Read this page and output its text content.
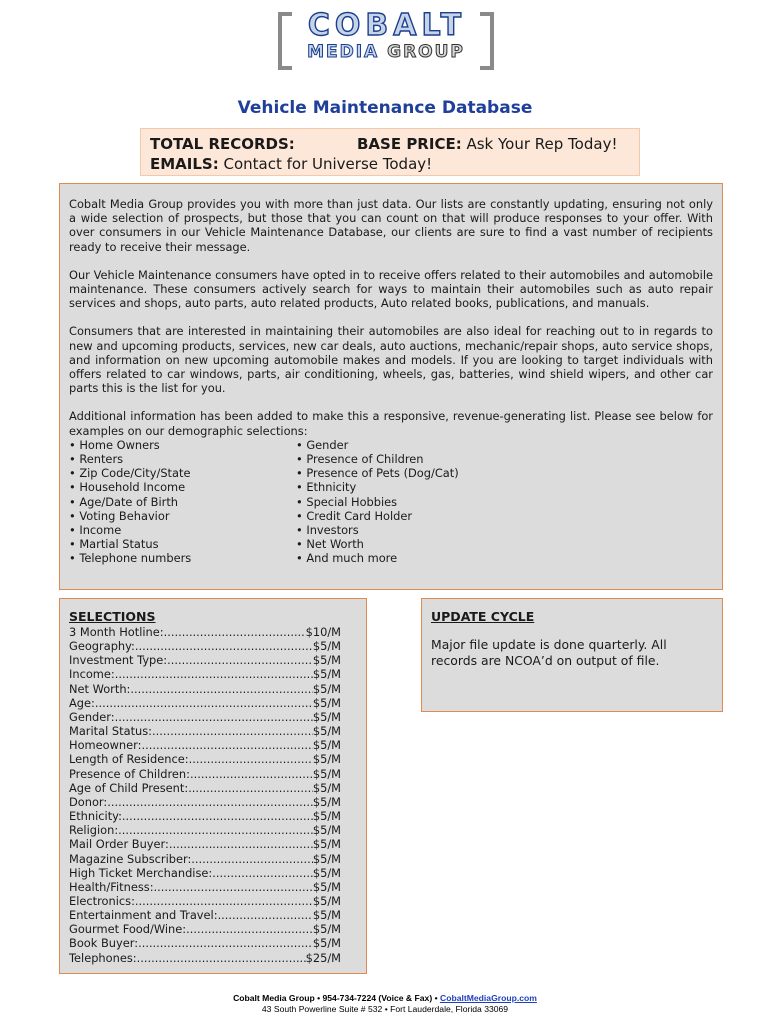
COBALT
MEDIA GROUP
Vehicle Maintenance Database
TOTAL RECORDS:	BASE PRICE: Ask Your Rep Today!
EMAILS: Contact for Universe Today!

Cobalt Media Group provides you with more than just data. Our lists are constantly updating, ensuring not only a wide selection of prospects, but those that you can count on that will produce responses to your offer. With over consumers in our Vehicle Maintenance Database, our clients are sure to find a vast number of recipients ready to receive their message.

Our Vehicle Maintenance consumers have opted in to receive offers related to their automobiles and automobile maintenance. These consumers actively search for ways to maintain their automobiles such as auto repair services and shops, auto parts, auto related products, Auto related books, publications, and manuals.

Consumers that are interested in maintaining their automobiles are also ideal for reaching out to in regards to new and upcoming products, services, new car deals, auto auctions, mechanic/repair shops, auto service shops, and information on new upcoming automobile makes and models. If you are looking to target individuals with offers related to car windows, parts, air conditioning, wheels, gas, batteries, wind shield wipers, and other car parts this is the list for you.

Additional information has been added to make this a responsive, revenue-generating list. Please see below for examples on our demographic selections:
• Home Owners
• Renters
• Zip Code/City/State
• Household Income
• Age/Date of Birth
• Voting Behavior
• Income
• Martial Status
• Telephone numbers
• Gender
• Presence of Children
• Presence of Pets (Dog/Cat)
• Ethnicity
• Special Hobbies
• Credit Card Holder
• Investors
• Net Worth
• And much more
SELECTIONS
3 Month Hotline: .....	$10/M
Geography: .....	$5/M
Investment Type: .....	$5/M
Income: .....	$5/M
Net Worth: .....	$5/M
Age: .....	$5/M
Gender: .....	$5/M
Marital Status: .....	$5/M
Homeowner: .....	$5/M
Length of Residence: .....	$5/M
Presence of Children: .....	$5/M
Age of Child Present: .....	$5/M
Donor: .....	$5/M
Ethnicity: .....	$5/M
Religion: .....	$5/M
Mail Order Buyer: .....	$5/M
Magazine Subscriber: .....	$5/M
High Ticket Merchandise: .....	$5/M
Health/Fitness: .....	$5/M
Electronics: .....	$5/M
Entertainment and Travel: .....	$5/M
Gourmet Food/Wine: .....	$5/M
Book Buyer: .....	$5/M
Telephones: .....	$25/M
UPDATE CYCLE
Major file update is done quarterly. All records are NCOA’d on output of file.
Cobalt Media Group • 954-734-7224 (Voice & Fax) • CobaltMediaGroup.com
43 South Powerline Suite # 532 • Fort Lauderdale, Florida 33069
